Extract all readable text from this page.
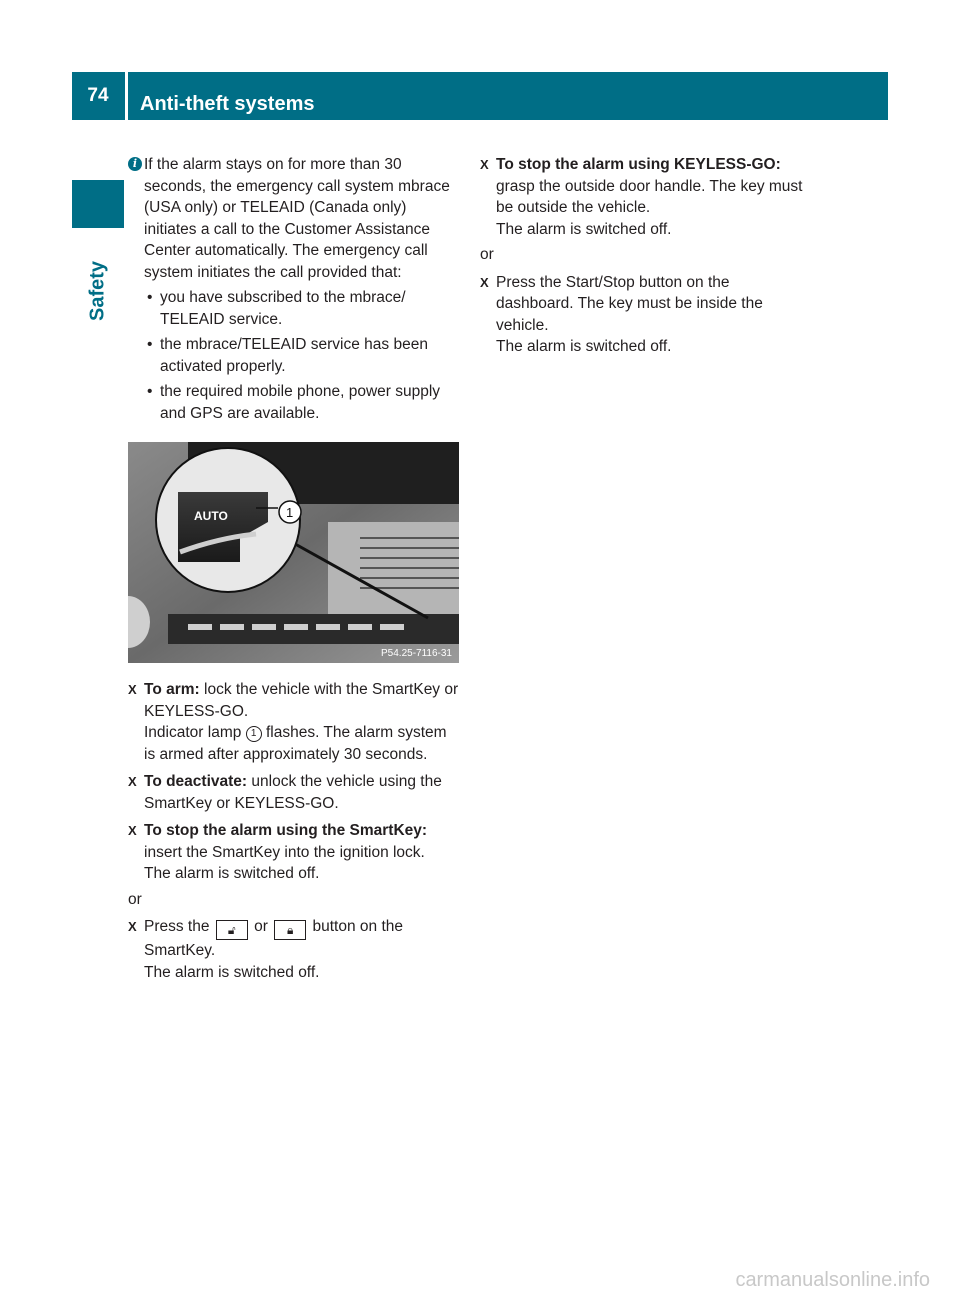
74	Anti-theft systems
Safety

i If the alarm stays on for more than 30 seconds, the emergency call system mbrace (USA only) or TELEAID (Canada only) initiates a call to the Customer Assistance Center automatically. The emergency call system initiates the call provided that:

• you have subscribed to the mbrace/ TELEAID service.
• the mbrace/TELEAID service has been activated properly.
• the required mobile phone, power supply and GPS are available.
AUTO	1
P54.25-7116-31
X To arm: lock the vehicle with the SmartKey or KEYLESS-GO.
Indicator lamp 1 flashes. The alarm system is armed after approximately 30 seconds.
X To deactivate: unlock the vehicle using the SmartKey or KEYLESS-GO.
X To stop the alarm using the SmartKey: insert the SmartKey into the ignition lock.
The alarm is switched off.
or
X Press the 🔓︎ or 🔒︎ button on the SmartKey.
The alarm is switched off.
X To stop the alarm using KEYLESS-GO: grasp the outside door handle. The key must be outside the vehicle.
The alarm is switched off.
or
X Press the Start/Stop button on the dashboard. The key must be inside the vehicle.
The alarm is switched off.
carmanualsonline.info
